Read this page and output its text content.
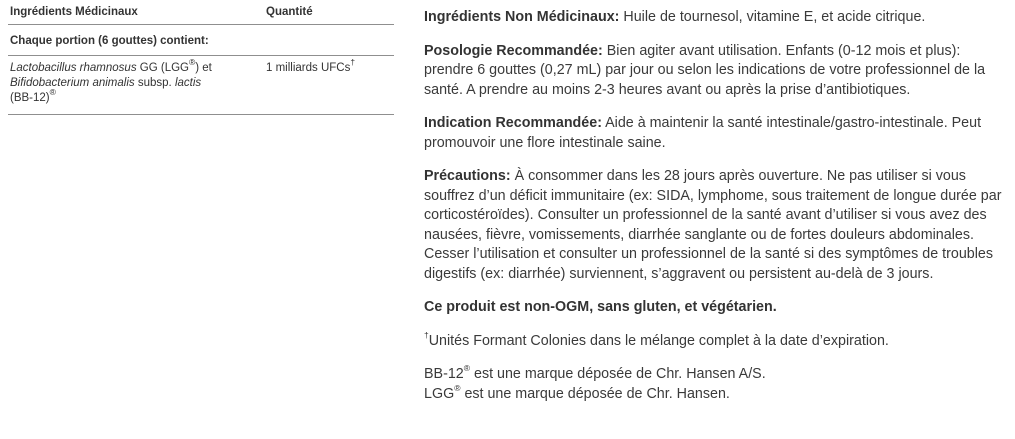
Ingrédients Médicinaux	Quantité
Chaque portion (6 gouttes) contient:
Lactobacillus rhamnosus GG (LGG®) et
Bifidobacterium animalis subsp. lactis
(BB-12)®
1 milliards UFCs†

Ingrédients Non Médicinaux: Huile de tournesol, vitamine E, et acide citrique.

Posologie Recommandée: Bien agiter avant utilisation. Enfants (0-12 mois et plus): prendre 6 gouttes (0,27 mL) par jour ou selon les indications de votre professionnel de la santé. A prendre au moins 2-3 heures avant ou après la prise d’antibiotiques.

Indication Recommandée: Aide à maintenir la santé intestinale/gastro-intestinale. Peut promouvoir une flore intestinale saine.

Précautions: À consommer dans les 28 jours après ouverture. Ne pas utiliser si vous souffrez d’un déficit immunitaire (ex: SIDA, lymphome, sous traitement de longue durée par corticostéroïdes). Consulter un professionnel de la santé avant d’utiliser si vous avez des nausées, fièvre, vomissements, diarrhée sanglante ou de fortes douleurs abdominales. Cesser l’utilisation et consulter un professionnel de la santé si des symptômes de troubles digestifs (ex: diarrhée) surviennent, s’aggravent ou persistent au-delà de 3 jours.

Ce produit est non-OGM, sans gluten, et végétarien.

†Unités Formant Colonies dans le mélange complet à la date d’expiration.

BB-12® est une marque déposée de Chr. Hansen A/S.

LGG® est une marque déposée de Chr. Hansen.
